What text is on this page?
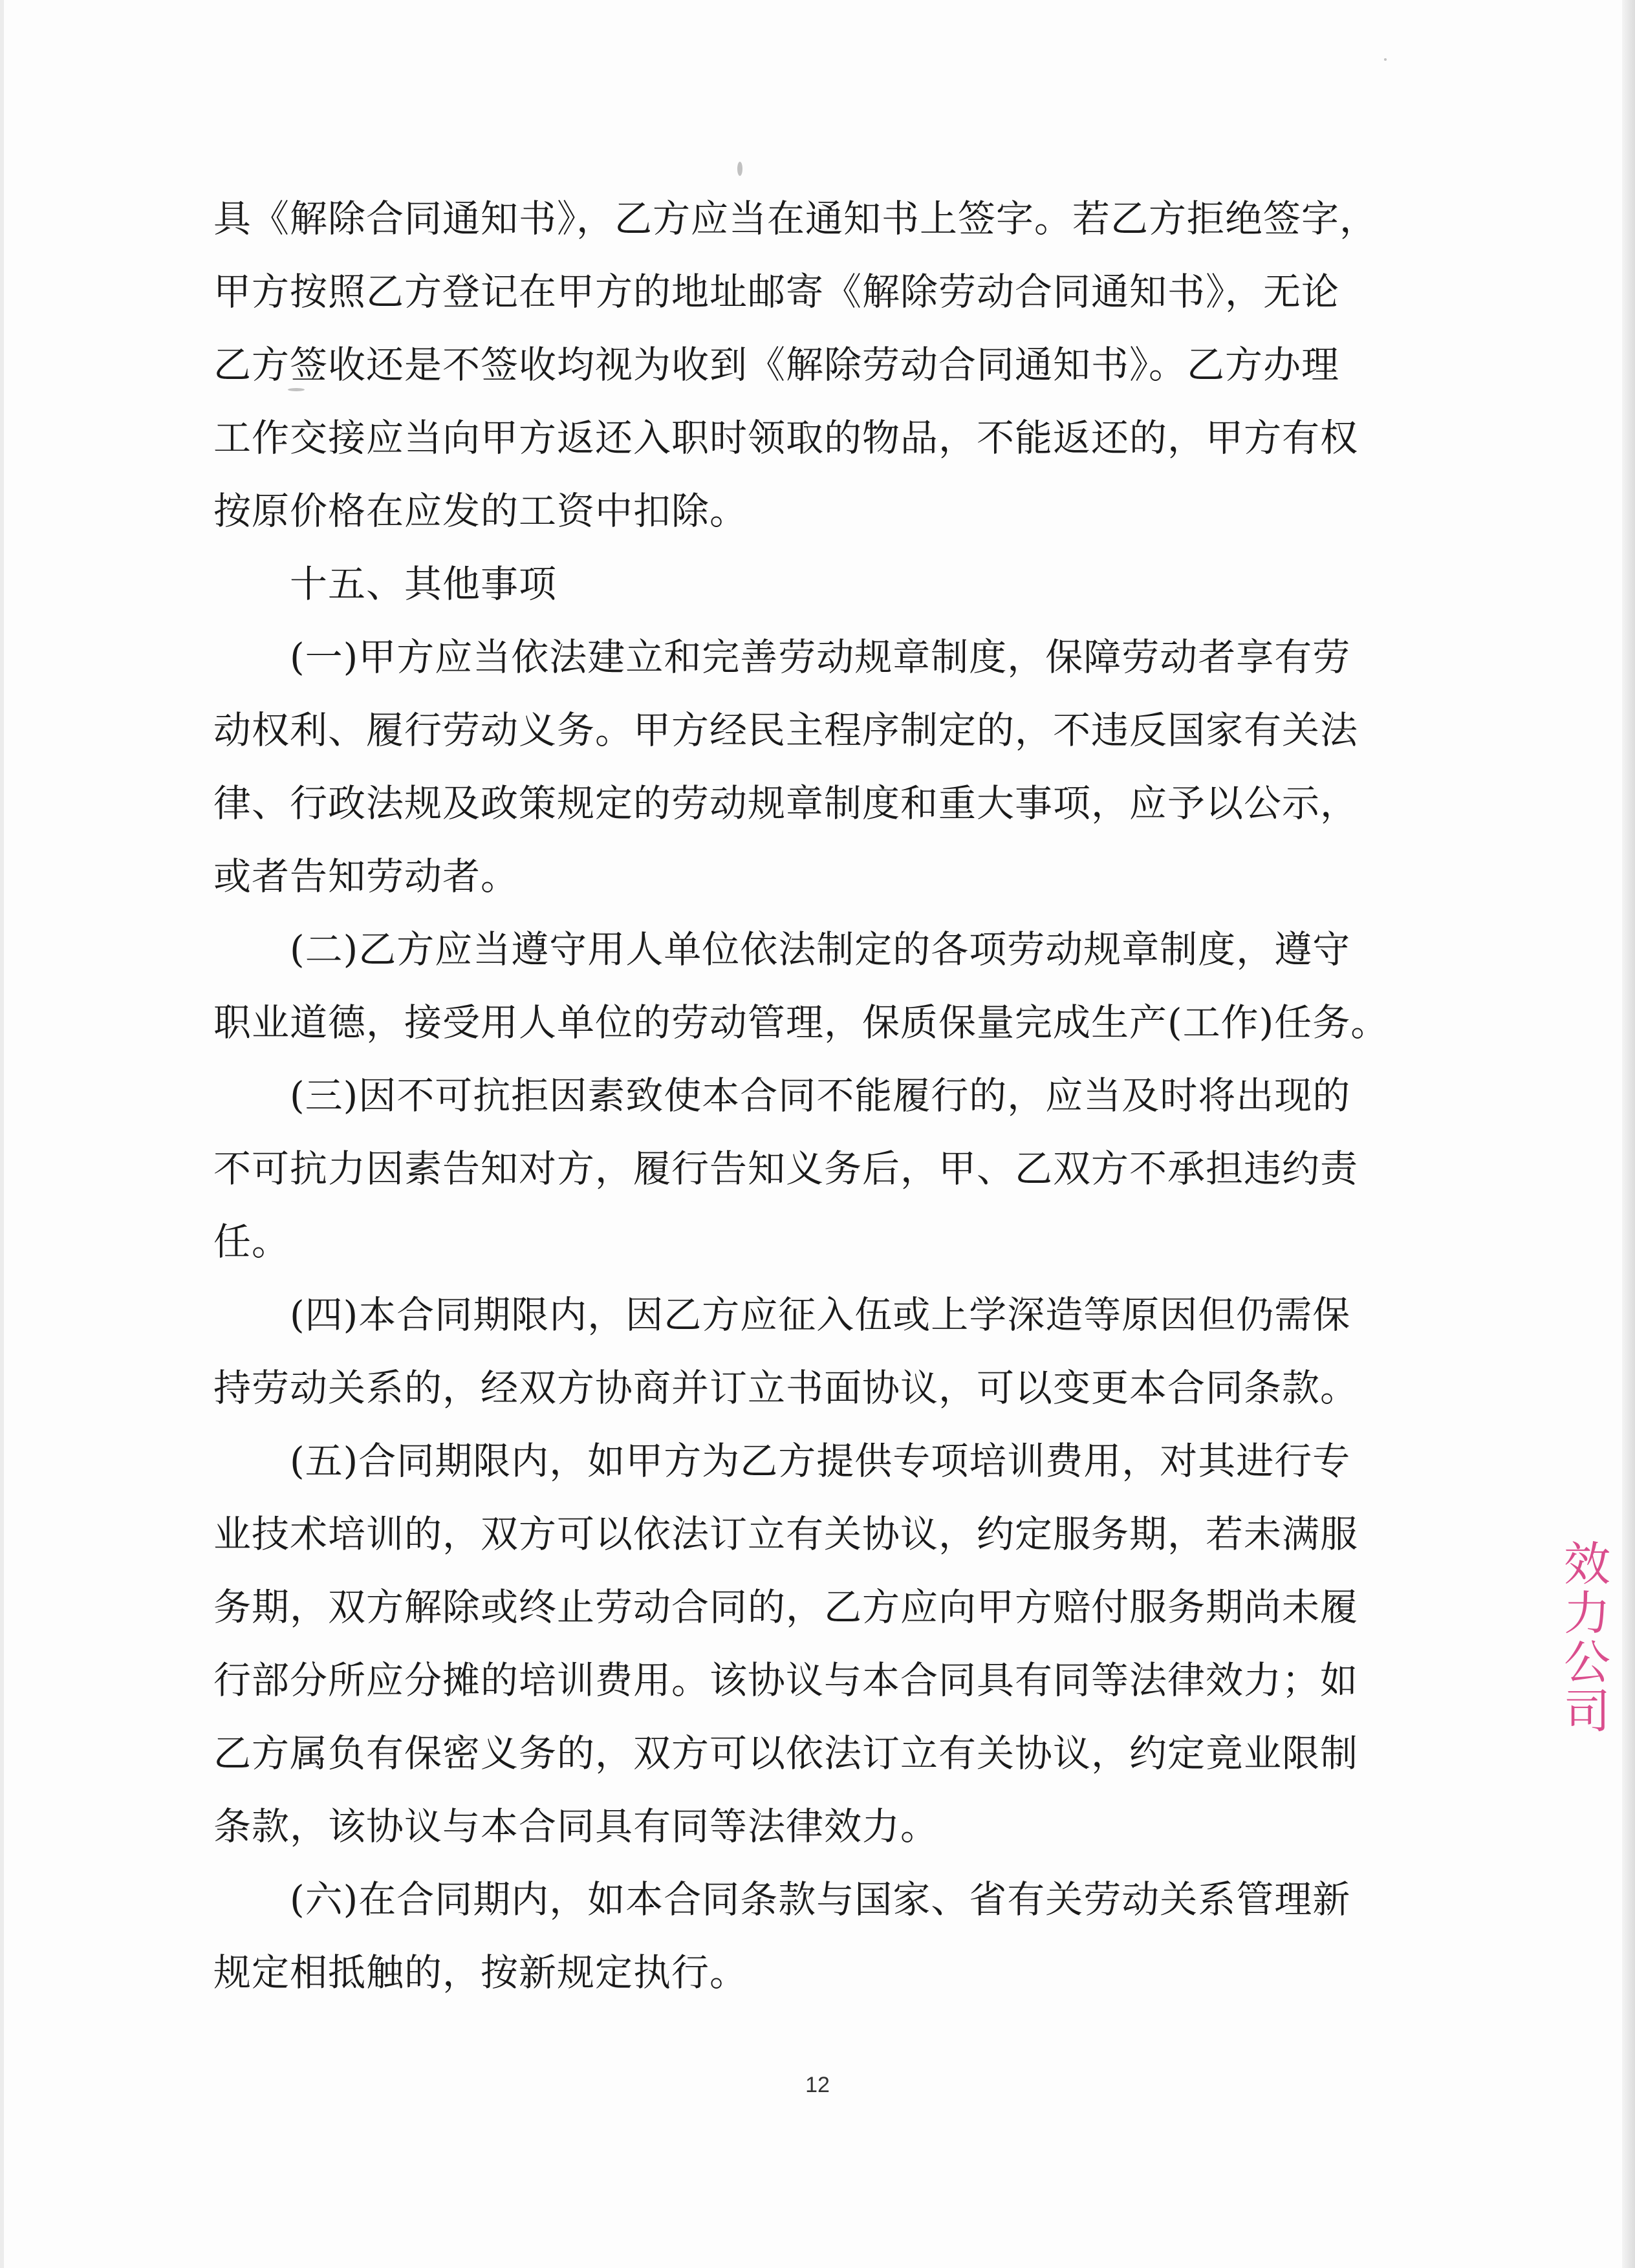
具《解除合同通知书》，乙方应当在通知书上签字。若乙方拒绝签字，
甲方按照乙方登记在甲方的地址邮寄《解除劳动合同通知书》，无论
乙方签收还是不签收均视为收到《解除劳动合同通知书》。乙方办理
工作交接应当向甲方返还入职时领取的物品，不能返还的，甲方有权
按原价格在应发的工资中扣除。
十五、其他事项
(一)甲方应当依法建立和完善劳动规章制度，保障劳动者享有劳
动权利、履行劳动义务。甲方经民主程序制定的，不违反国家有关法
律、行政法规及政策规定的劳动规章制度和重大事项，应予以公示，
或者告知劳动者。
(二)乙方应当遵守用人单位依法制定的各项劳动规章制度，遵守
职业道德，接受用人单位的劳动管理，保质保量完成生产(工作)任务。
(三)因不可抗拒因素致使本合同不能履行的，应当及时将出现的
不可抗力因素告知对方，履行告知义务后，甲、乙双方不承担违约责
任。
(四)本合同期限内，因乙方应征入伍或上学深造等原因但仍需保
持劳动关系的，经双方协商并订立书面协议，可以变更本合同条款。
(五)合同期限内，如甲方为乙方提供专项培训费用，对其进行专
业技术培训的，双方可以依法订立有关协议，约定服务期，若未满服
务期，双方解除或终止劳动合同的，乙方应向甲方赔付服务期尚未履
行部分所应分摊的培训费用。该协议与本合同具有同等法律效力；如
乙方属负有保密义务的，双方可以依法订立有关协议，约定竟业限制
条款，该协议与本合同具有同等法律效力。
(六)在合同期内，如本合同条款与国家、省有关劳动关系管理新
规定相抵触的，按新规定执行。
效力公司
12
